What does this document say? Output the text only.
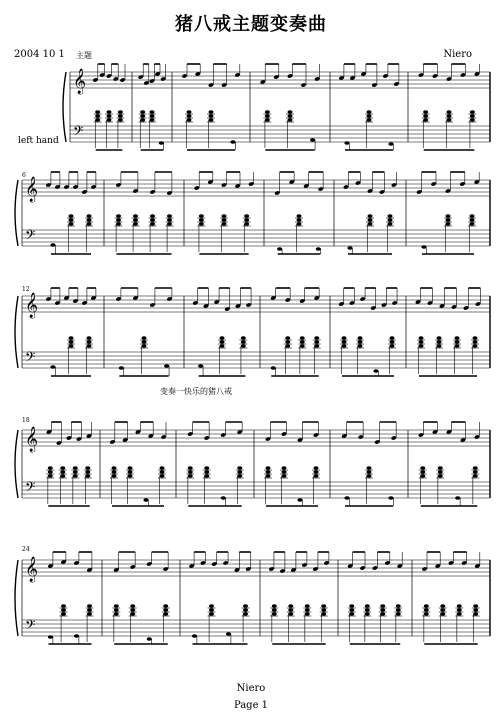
猪八戒主题变奏曲
2004 10 1 主题	Niero
left hand
变奏一快乐的猪八戒
6
12
18
24
Niero
Page 1
𝄞
𝄢
𝄞
𝄢
𝄞
𝄢
𝄞
𝄢
𝄞
𝄢
